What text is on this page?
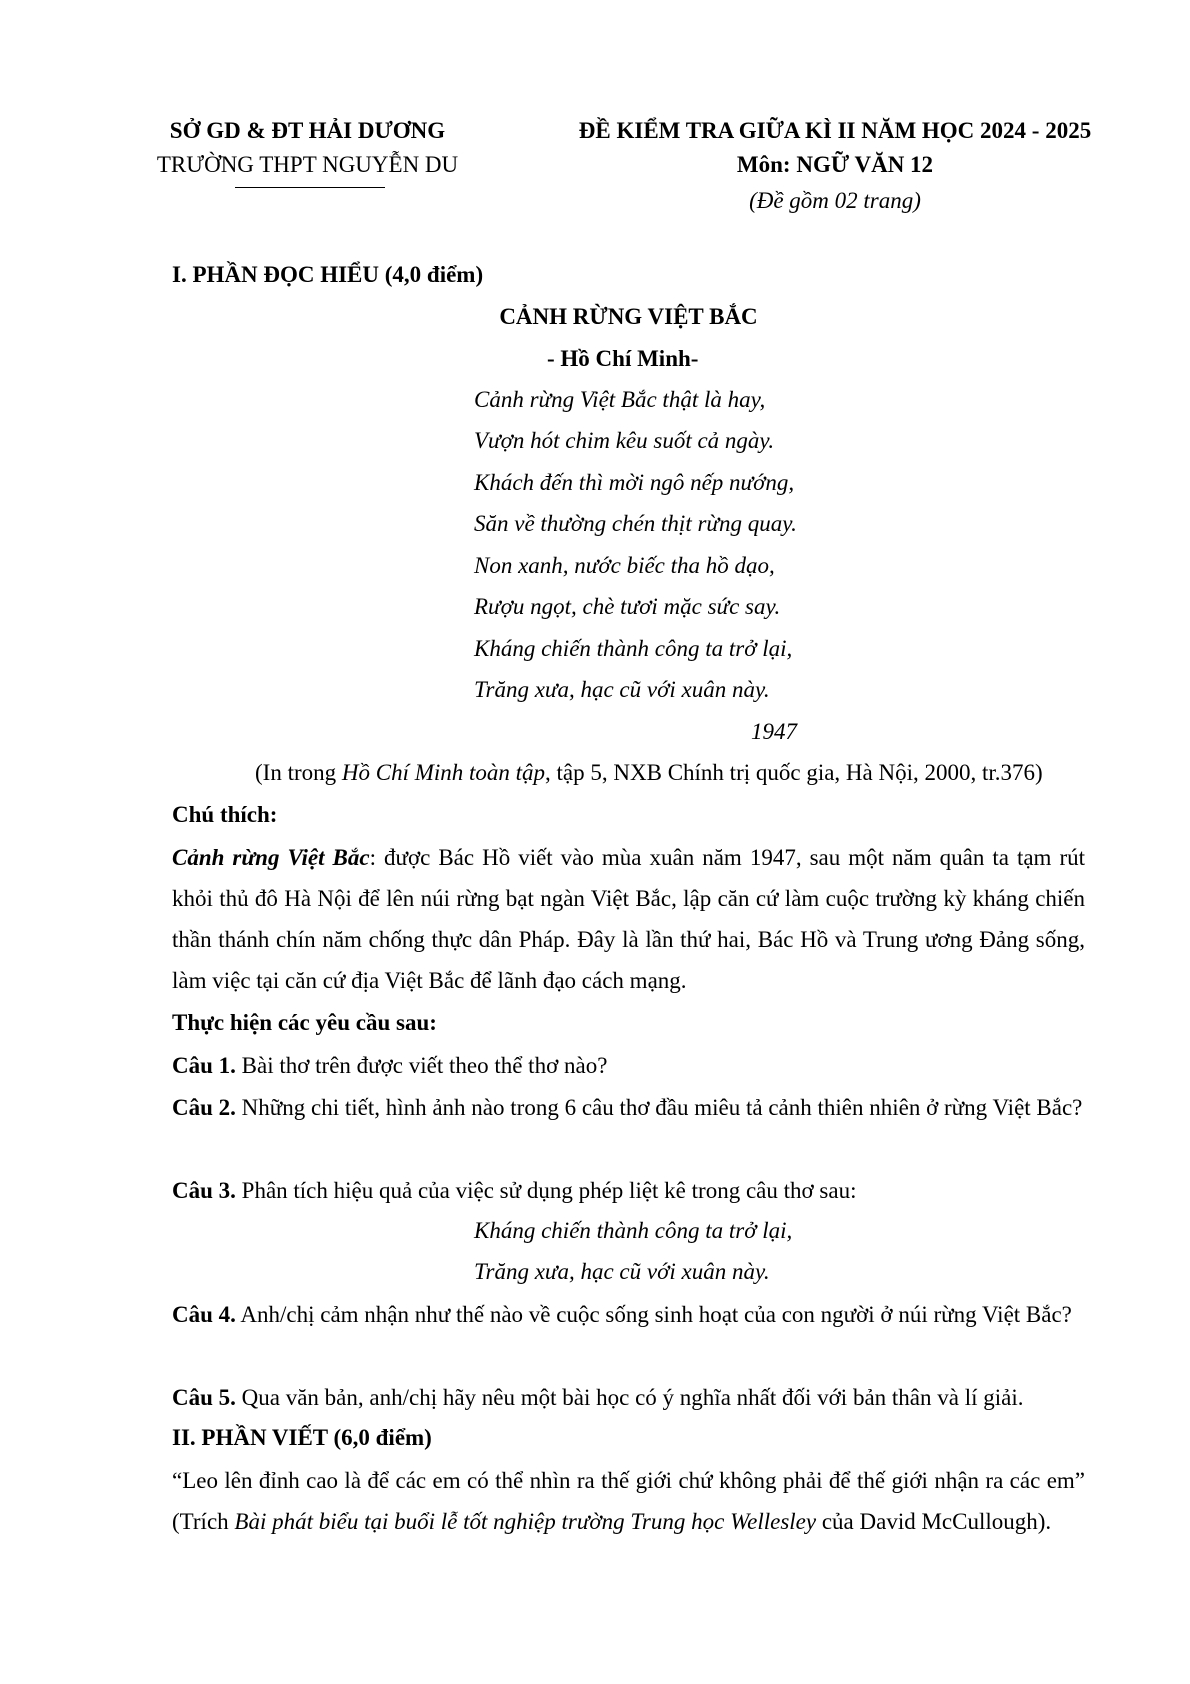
SỞ GD & ĐT HẢI DƯƠNG
TRƯỜNG THPT NGUYỄN DU
ĐỀ KIỂM TRA GIỮA KÌ II NĂM HỌC 2024 - 2025
Môn: NGỮ VĂN 12
(Đề gồm 02 trang)
I. PHẦN ĐỌC HIỂU (4,0 điểm)
CẢNH RỪNG VIỆT BẮC
- Hồ Chí Minh-
Cảnh rừng Việt Bắc thật là hay,
Vượn hót chim kêu suốt cả ngày.
Khách đến thì mời ngô nếp nướng,
Săn về thường chén thịt rừng quay.
Non xanh, nước biếc tha hồ dạo,
Rượu ngọt, chè tươi mặc sức say.
Kháng chiến thành công ta trở lại,
Trăng xưa, hạc cũ với xuân này.
1947
(In trong Hồ Chí Minh toàn tập, tập 5, NXB Chính trị quốc gia, Hà Nội, 2000, tr.376)
Chú thích:

Cảnh rừng Việt Bắc: được Bác Hồ viết vào mùa xuân năm 1947, sau một năm quân ta tạm rút khỏi thủ đô Hà Nội để lên núi rừng bạt ngàn Việt Bắc, lập căn cứ làm cuộc trường kỳ kháng chiến thần thánh chín năm chống thực dân Pháp. Đây là lần thứ hai, Bác Hồ và Trung ương Đảng sống, làm việc tại căn cứ địa Việt Bắc để lãnh đạo cách mạng.

Thực hiện các yêu cầu sau:

Câu 1. Bài thơ trên được viết theo thể thơ nào?

Câu 2. Những chi tiết, hình ảnh nào trong 6 câu thơ đầu miêu tả cảnh thiên nhiên ở rừng Việt Bắc?

Câu 3. Phân tích hiệu quả của việc sử dụng phép liệt kê trong câu thơ sau:

Kháng chiến thành công ta trở lại,
Trăng xưa, hạc cũ với xuân này.

Câu 4. Anh/chị cảm nhận như thế nào về cuộc sống sinh hoạt của con người ở núi rừng Việt Bắc?

Câu 5. Qua văn bản, anh/chị hãy nêu một bài học có ý nghĩa nhất đối với bản thân và lí giải.

II. PHẦN VIẾT (6,0 điểm)

“Leo lên đỉnh cao là để các em có thể nhìn ra thế giới chứ không phải để thế giới nhận ra các em” (Trích Bài phát biểu tại buổi lễ tốt nghiệp trường Trung học Wellesley của David McCullough).
